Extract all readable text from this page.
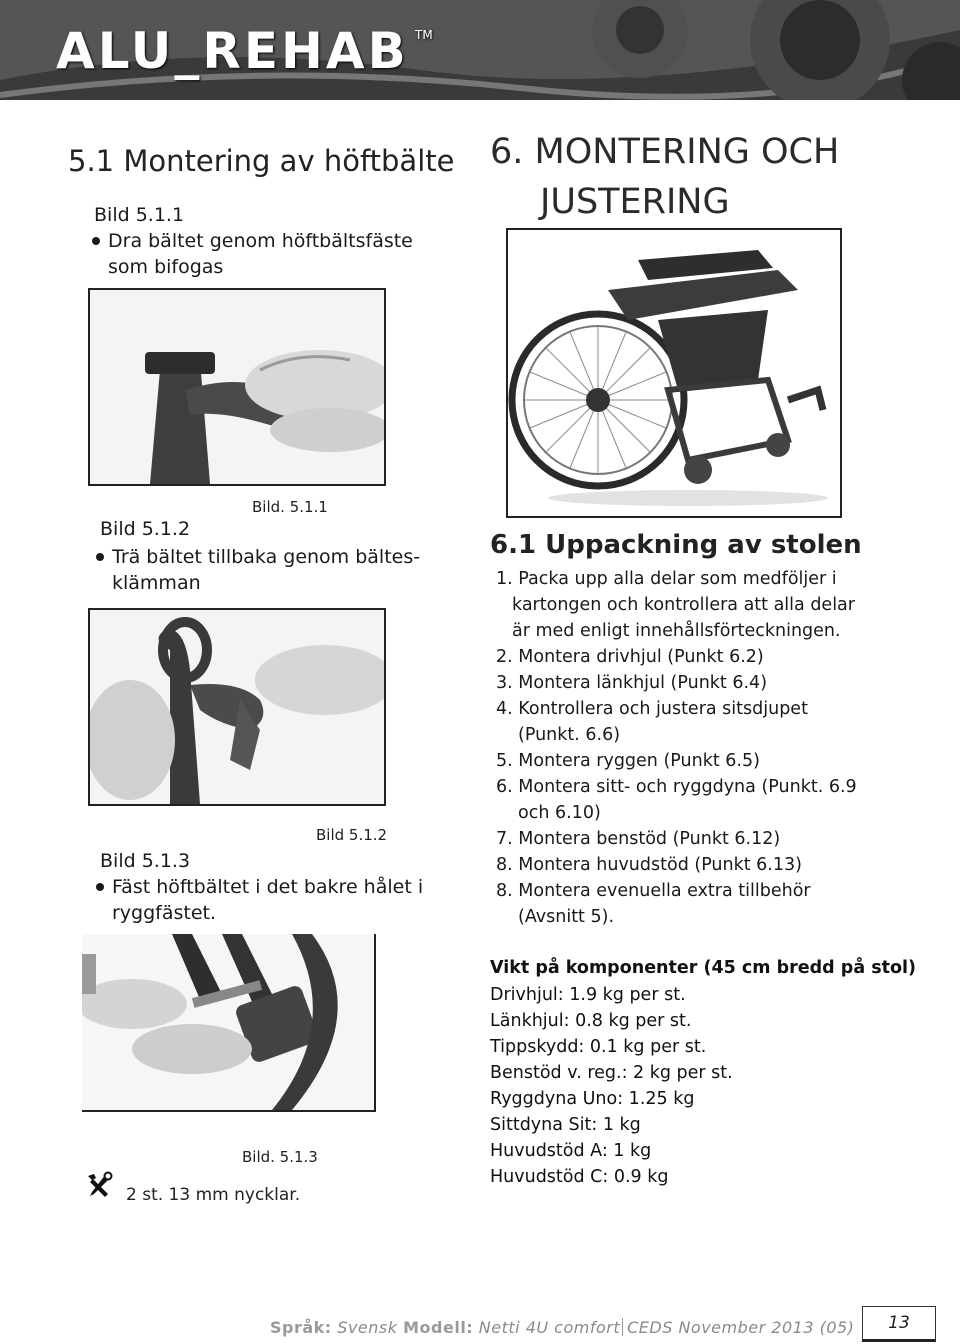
ALU_REHAB TM
5.1 Montering av höftbälte
Bild 5.1.1
Dra bältet genom höftbältsfäste
som bifogas
Bild. 5.1.1
Bild 5.1.2
Trä bältet tillbaka genom bältes-
klämman
Bild 5.1.2
Bild 5.1.3
Fäst höftbältet i det bakre hålet i
ryggfästet.
Bild. 5.1.3
2 st. 13 mm nycklar.
6. MONTERING OCH
JUSTERING
6.1 Uppackning av stolen
1. Packa upp alla delar som medföljer i
kartongen och kontrollera att alla delar
är med enligt innehållsförteckningen.
2. Montera drivhjul (Punkt 6.2)
3. Montera länkhjul (Punkt 6.4)
4. Kontrollera och justera sitsdjupet
(Punkt. 6.6)
5. Montera ryggen (Punkt 6.5)
6. Montera sitt- och ryggdyna (Punkt. 6.9
och 6.10)
7. Montera benstöd (Punkt 6.12)
8. Montera huvudstöd (Punkt 6.13)
8. Montera evenuella extra tillbehör
(Avsnitt 5).
Vikt på komponenter (45 cm bredd på stol)
Drivhjul: 1.9 kg per st.
Länkhjul: 0.8 kg per st.
Tippskydd: 0.1 kg per st.
Benstöd v. reg.: 2 kg per st.
Ryggdyna Uno: 1.25 kg
Sittdyna Sit: 1 kg
Huvudstöd A: 1 kg
Huvudstöd C: 0.9 kg
Språk: Svensk Modell: Netti 4U comfort CEDS November 2013 (05)	13
